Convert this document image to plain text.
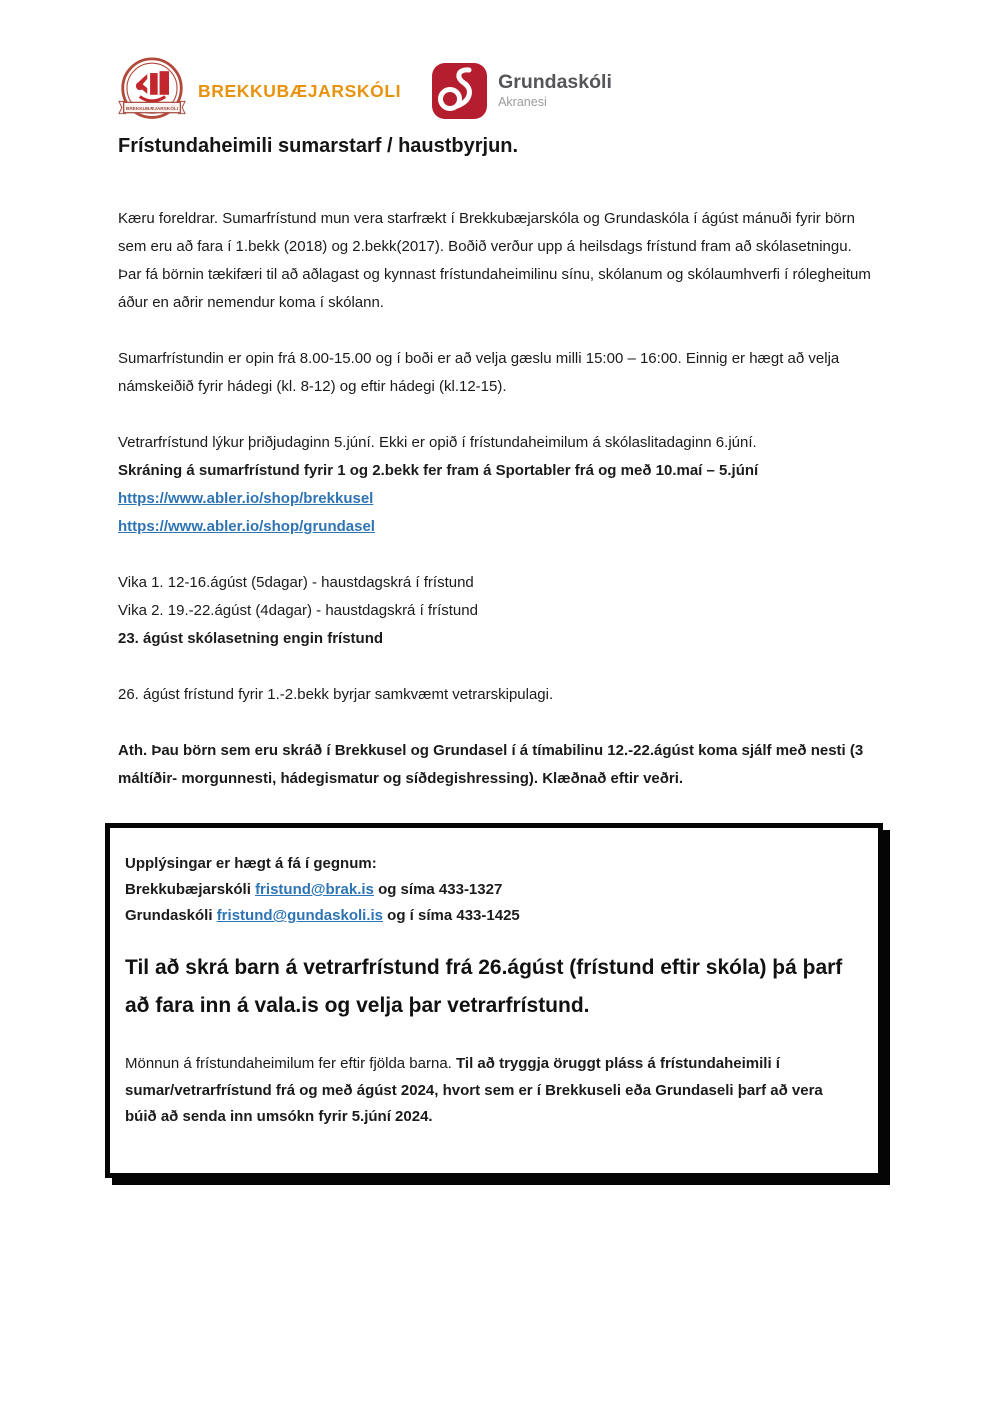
BREKKUBÆJARSKÓLI
BREKKUBÆJARSKÓLI	Grundaskóli
Akranesi
Frístundaheimili sumarstarf / haustbyrjun.

Kæru foreldrar. Sumarfrístund mun vera starfrækt í Brekkubæjarskóla og Grundaskóla í ágúst mánuði fyrir börn sem eru að fara í 1.bekk (2018) og 2.bekk(2017). Boðið verður upp á heilsdags frístund fram að skólasetningu. Þar fá börnin tækifæri til að aðlagast og kynnast frístundaheimilinu sínu, skólanum og skólaumhverfi í rólegheitum áður en aðrir nemendur koma í skólann.

Sumarfrístundin er opin frá 8.00-15.00 og í boði er að velja gæslu milli 15:00 – 16:00. Einnig er hægt að velja námskeiðið fyrir hádegi (kl. 8-12) og eftir hádegi (kl.12-15).

Vetrarfrístund lýkur þriðjudaginn 5.júní. Ekki er opið í frístundaheimilum á skólaslitadaginn 6.júní.
Skráning á sumarfrístund fyrir 1 og 2.bekk fer fram á Sportabler frá og með 10.maí – 5.júní
https://www.abler.io/shop/brekkusel
https://www.abler.io/shop/grundasel
Vika 1. 12-16.ágúst (5dagar) - haustdagskrá í frístund
Vika 2. 19.-22.ágúst (4dagar) - haustdagskrá í frístund
23. ágúst skólasetning engin frístund

26. ágúst frístund fyrir 1.-2.bekk byrjar samkvæmt vetrarskipulagi.

Ath. Þau börn sem eru skráð í Brekkusel og Grundasel í á tímabilinu 12.-22.ágúst koma sjálf með nesti (3 máltíðir- morgunnesti, hádegismatur og síðdegishressing). Klæðnað eftir veðri.

Upplýsingar er hægt á fá í gegnum:

Brekkubæjarskóli fristund@brak.is og síma 433-1327

Grundaskóli fristund@gundaskoli.is og í síma 433-1425

Til að skrá barn á vetrarfrístund frá 26.ágúst (frístund eftir skóla) þá þarf að fara inn á vala.is og velja þar vetrarfrístund.

Mönnun á frístundaheimilum fer eftir fjölda barna. Til að tryggja öruggt pláss á frístundaheimili í sumar/vetrarfrístund frá og með ágúst 2024, hvort sem er í Brekkuseli eða Grundaseli þarf að vera búið að senda inn umsókn fyrir 5.júní 2024.
